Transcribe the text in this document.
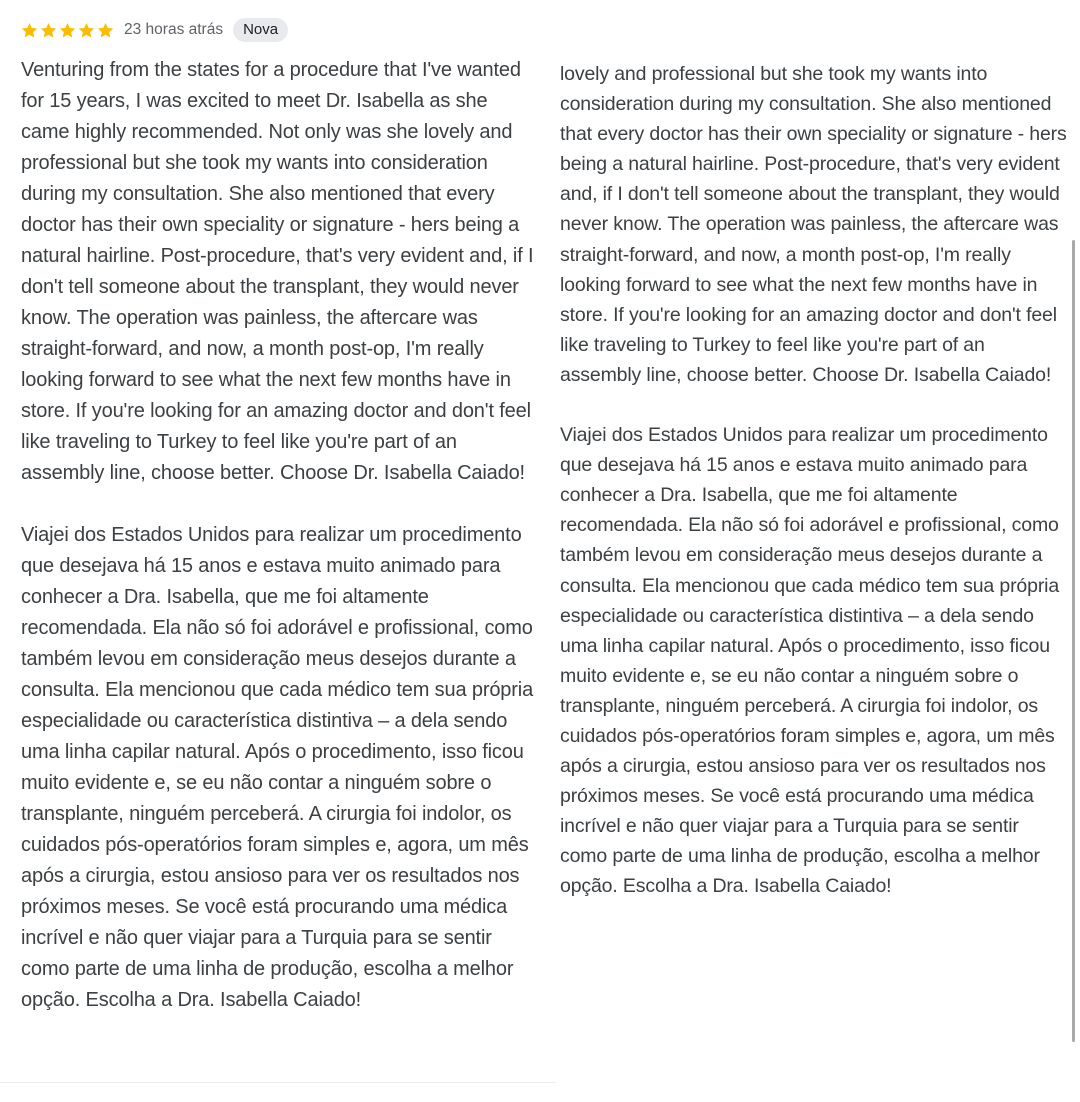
23 horas atrás	Nova

Venturing from the states for a procedure that I've wanted for 15 years, I was excited to meet Dr. Isabella as she came highly recommended. Not only was she lovely and professional but she took my wants into consideration during my consultation. She also mentioned that every doctor has their own speciality or signature - hers being a natural hairline. Post-procedure, that's very evident and, if I don't tell someone about the transplant, they would never know. The operation was painless, the aftercare was straight-forward, and now, a month post-op, I'm really looking forward to see what the next few months have in store. If you're looking for an amazing doctor and don't feel like traveling to Turkey to feel like you're part of an assembly line, choose better. Choose Dr. Isabella Caiado!

Viajei dos Estados Unidos para realizar um procedimento que desejava há 15 anos e estava muito animado para conhecer a Dra. Isabella, que me foi altamente recomendada. Ela não só foi adorável e profissional, como também levou em consideração meus desejos durante a consulta. Ela mencionou que cada médico tem sua própria especialidade ou característica distintiva – a dela sendo uma linha capilar natural. Após o procedimento, isso ficou muito evidente e, se eu não contar a ninguém sobre o transplante, ninguém perceberá. A cirurgia foi indolor, os cuidados pós-operatórios foram simples e, agora, um mês após a cirurgia, estou ansioso para ver os resultados nos próximos meses. Se você está procurando uma médica incrível e não quer viajar para a Turquia para se sentir como parte de uma linha de produção, escolha a melhor opção. Escolha a Dra. Isabella Caiado!

lovely and professional but she took my wants into consideration during my consultation. She also mentioned that every doctor has their own speciality or signature - hers being a natural hairline. Post-procedure, that's very evident and, if I don't tell someone about the transplant, they would never know. The operation was painless, the aftercare was straight-forward, and now, a month post-op, I'm really looking forward to see what the next few months have in store. If you're looking for an amazing doctor and don't feel like traveling to Turkey to feel like you're part of an assembly line, choose better. Choose Dr. Isabella Caiado!

Viajei dos Estados Unidos para realizar um procedimento que desejava há 15 anos e estava muito animado para conhecer a Dra. Isabella, que me foi altamente recomendada. Ela não só foi adorável e profissional, como também levou em consideração meus desejos durante a consulta. Ela mencionou que cada médico tem sua própria especialidade ou característica distintiva – a dela sendo uma linha capilar natural. Após o procedimento, isso ficou muito evidente e, se eu não contar a ninguém sobre o transplante, ninguém perceberá. A cirurgia foi indolor, os cuidados pós-operatórios foram simples e, agora, um mês após a cirurgia, estou ansioso para ver os resultados nos próximos meses. Se você está procurando uma médica incrível e não quer viajar para a Turquia para se sentir como parte de uma linha de produção, escolha a melhor opção. Escolha a Dra. Isabella Caiado!
